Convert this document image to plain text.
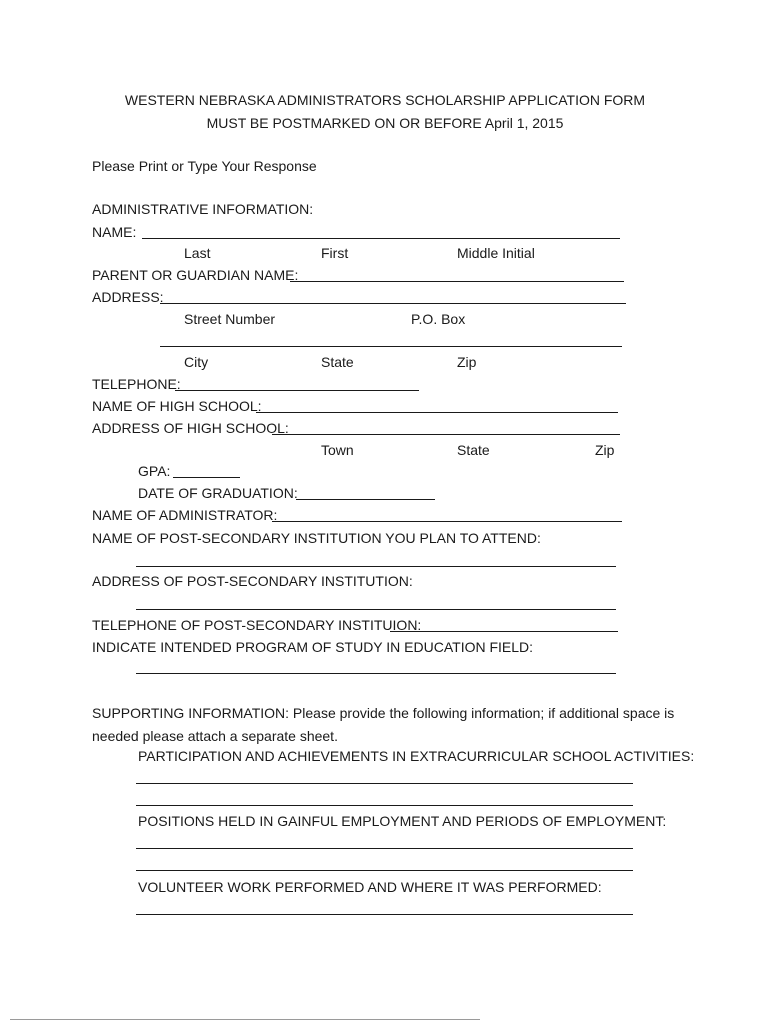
WESTERN NEBRASKA ADMINISTRATORS SCHOLARSHIP APPLICATION FORM
MUST BE POSTMARKED ON OR BEFORE April 1, 2015
Please Print or Type Your Response
ADMINISTRATIVE INFORMATION:
NAME:
Last	First	Middle Initial
PARENT OR GUARDIAN NAME:
ADDRESS:
Street Number	P.O. Box
City	State	Zip
TELEPHONE:
NAME OF HIGH SCHOOL:
ADDRESS OF HIGH SCHOOL:
Town	State	Zip
GPA:
DATE OF GRADUATION:
NAME OF ADMINISTRATOR:
NAME OF POST-SECONDARY INSTITUTION YOU PLAN TO ATTEND:
ADDRESS OF POST-SECONDARY INSTITUTION:
TELEPHONE OF POST-SECONDARY INSTITUION:
INDICATE INTENDED PROGRAM OF STUDY IN EDUCATION FIELD:
SUPPORTING INFORMATION: Please provide the following information; if additional space is
needed please attach a separate sheet.
PARTICIPATION AND ACHIEVEMENTS IN EXTRACURRICULAR SCHOOL ACTIVITIES:
POSITIONS HELD IN GAINFUL EMPLOYMENT AND PERIODS OF EMPLOYMENT:
VOLUNTEER WORK PERFORMED AND WHERE IT WAS PERFORMED:
